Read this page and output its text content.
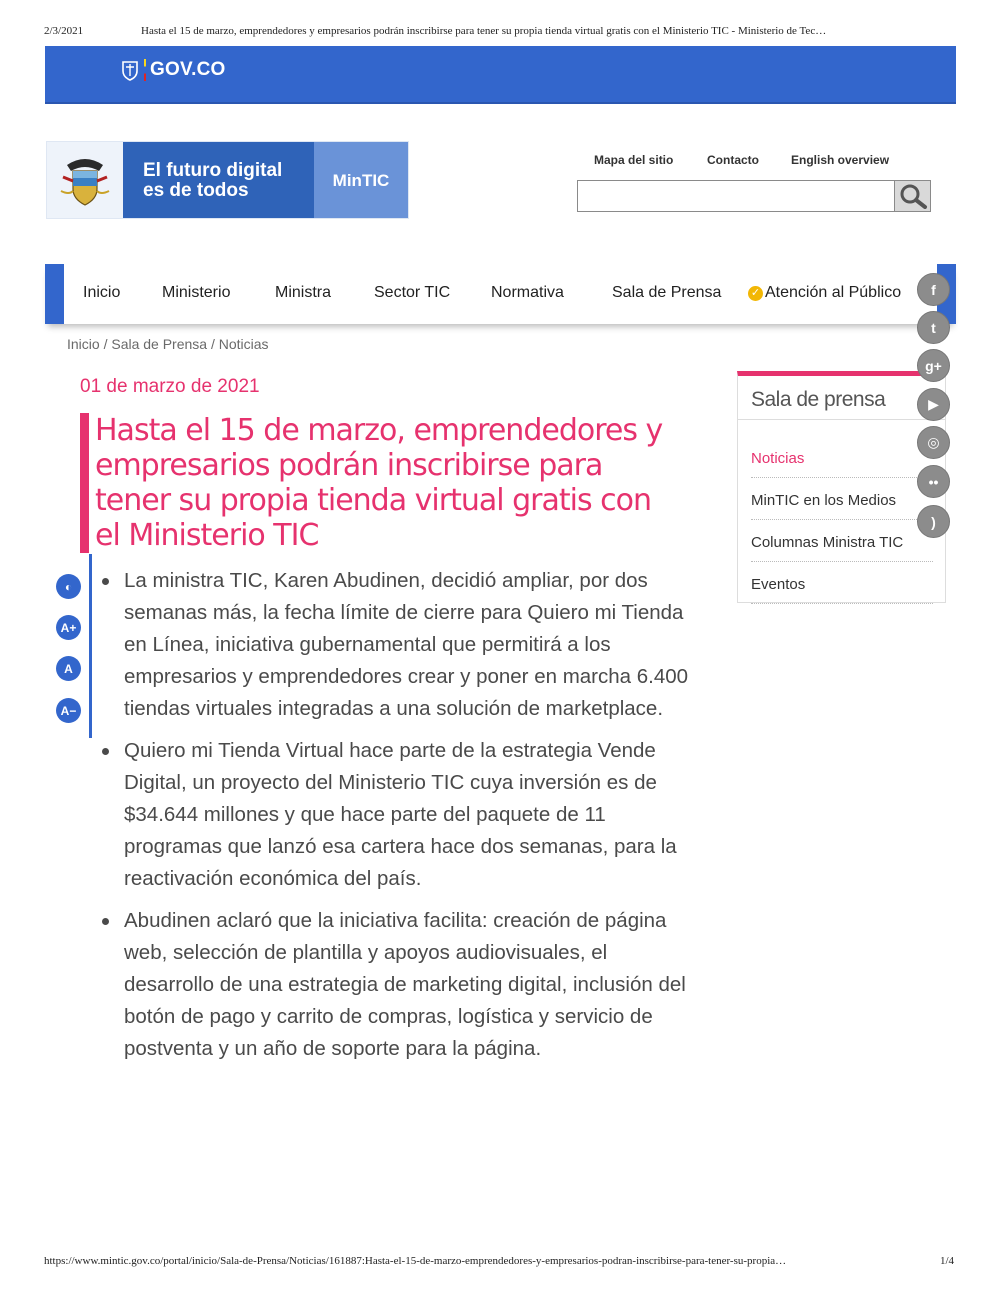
2/3/2021	Hasta el 15 de marzo, emprendedores y empresarios podrán inscribirse para tener su propia tienda virtual gratis con el Ministerio TIC - Ministerio de Tec…
GOV.CO
El futuro digital
es de todos	MinTIC
Mapa del sitio	Contacto	English overview
Inicio	Ministerio	Ministra	Sector TIC	Normativa	Sala de Prensa	✓ Atención al Público
Inicio / Sala de Prensa / Noticias
01 de marzo de 2021
Hasta el 15 de marzo, emprendedores y empresarios podrán inscribirse para tener su propia tienda virtual gratis con el Ministerio TIC
La ministra TIC, Karen Abudinen, decidió ampliar, por dos semanas más, la fecha límite de cierre para Quiero mi Tienda en Línea, iniciativa gubernamental que permitirá a los empresarios y emprendedores crear y poner en marcha 6.400 tiendas virtuales integradas a una solución de marketplace.
Quiero mi Tienda Virtual hace parte de la estrategia Vende Digital, un proyecto del Ministerio TIC cuya inversión es de $34.644 millones y que hace parte del paquete de 11 programas que lanzó esa cartera hace dos semanas, para la reactivación económica del país.
Abudinen aclaró que la iniciativa facilita: creación de página web, selección de plantilla y apoyos audiovisuales, el desarrollo de una estrategia de marketing digital, inclusión del botón de pago y carrito de compras, logística y servicio de postventa y un año de soporte para la página.
◐
A+
A
A−
Sala de prensa
Noticias
MinTIC en los Medios
Columnas Ministra TIC
Eventos
f
t
g+
▶
◎
••
)
https://www.mintic.gov.co/portal/inicio/Sala-de-Prensa/Noticias/161887:Hasta-el-15-de-marzo-emprendedores-y-empresarios-podran-inscribirse-para-tener-su-propia…	1/4
